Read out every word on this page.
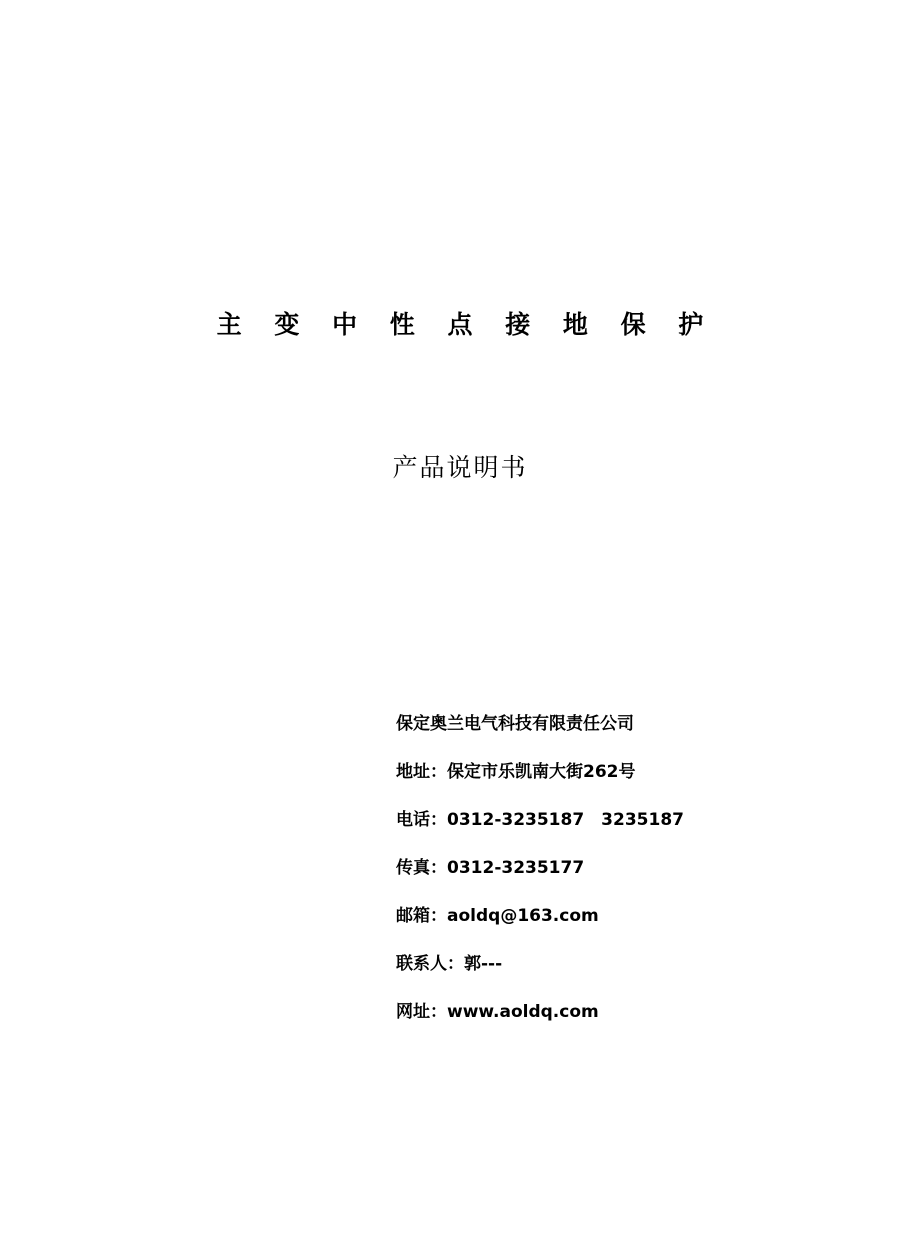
主 变 中 性 点 接 地 保 护
产品说明书
保定奥兰电气科技有限责任公司
地址：保定市乐凯南大街262号
电话：0312-3235187　3235187
传真：0312-3235177
邮箱：aoldq@163.com
联系人：郭---
网址：www.aoldq.com
